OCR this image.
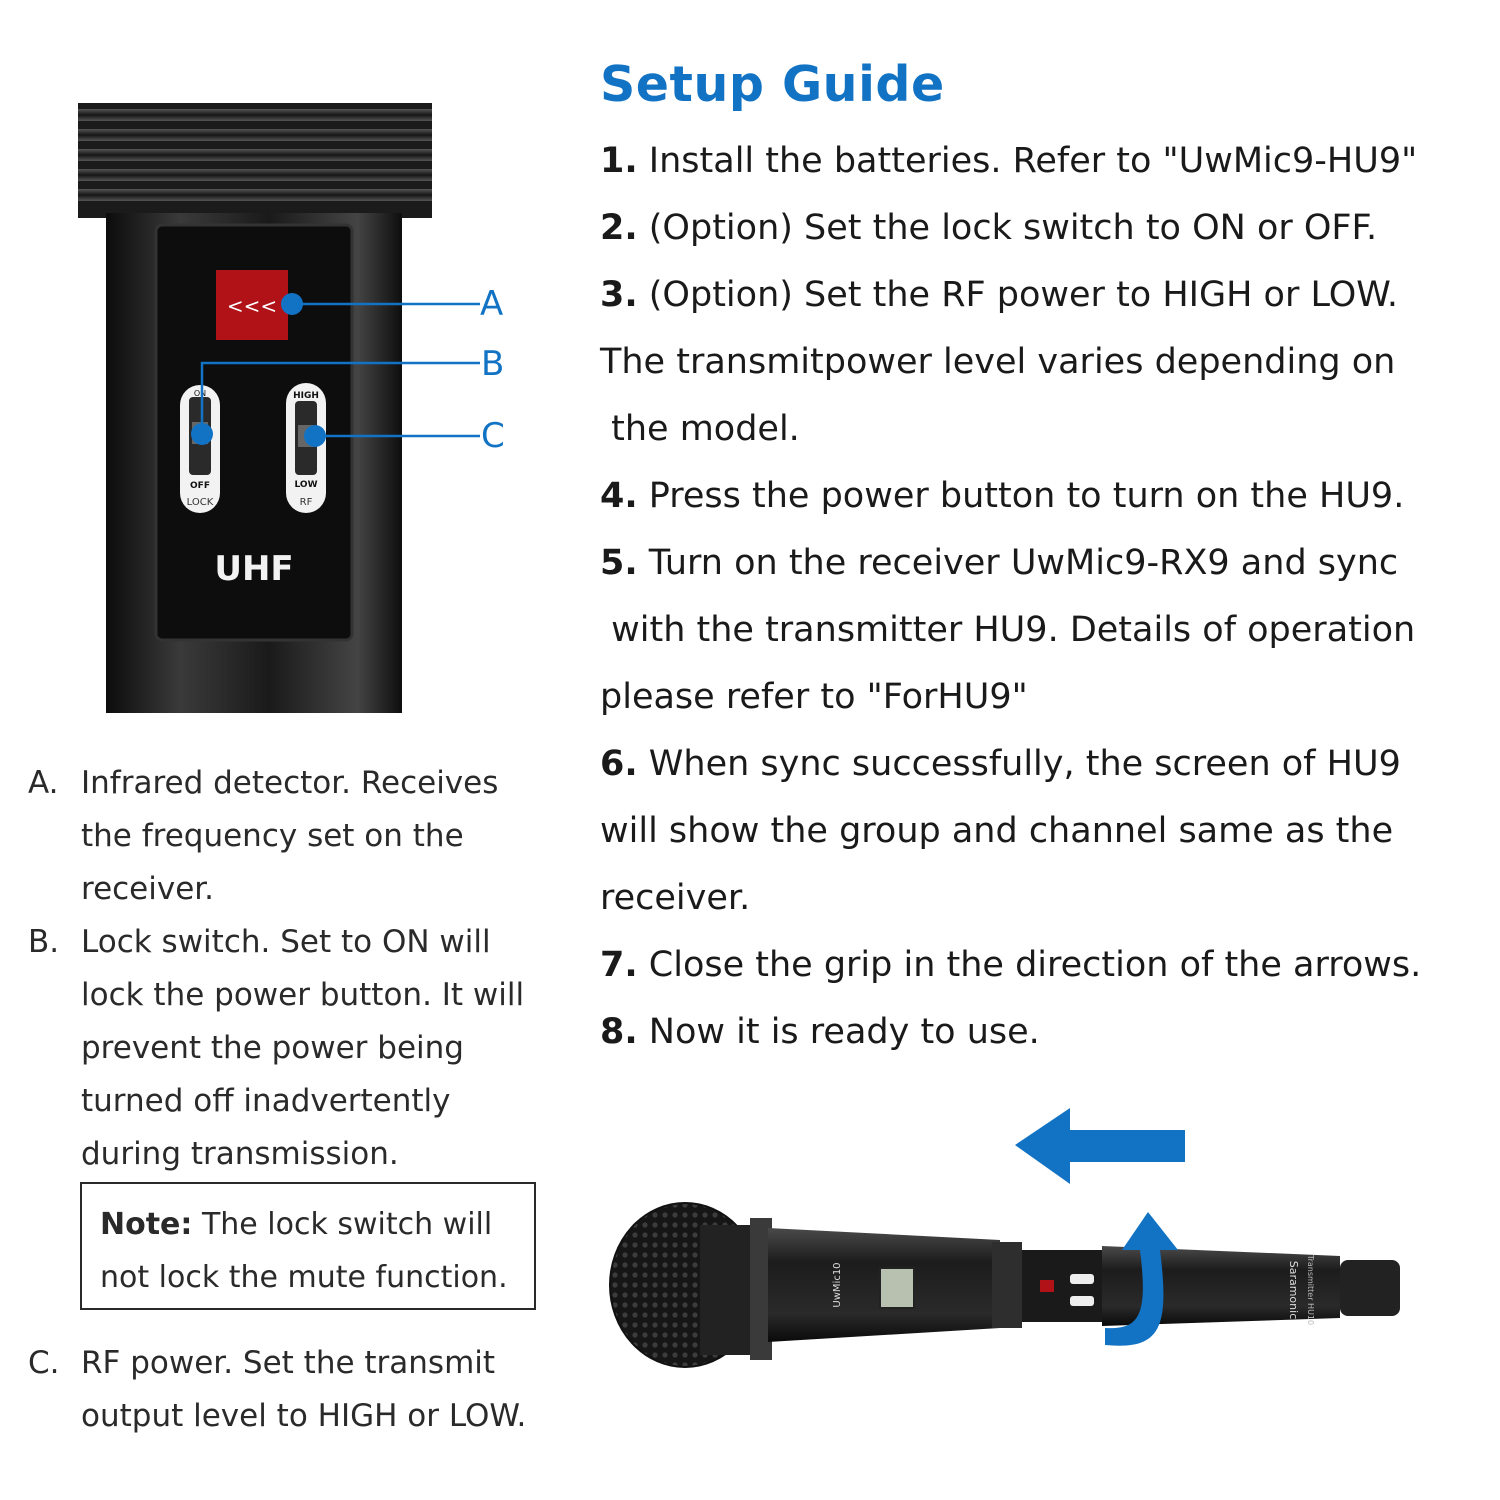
<<<
ON
OFF
LOCK
HIGH
LOW
RF
UHF
A
B
C
A. Infrared detector. Receives
the frequency set on the
receiver.
B. Lock switch. Set to ON will
lock the power button. It will
prevent the power being
turned off inadvertently
during transmission.
Note: The lock switch will
not lock the mute function.
C. RF power. Set the transmit
output level to HIGH or LOW.
Setup Guide
1. Install the batteries. Refer to "UwMic9-HU9"
2. (Option) Set the lock switch to ON or OFF.
3. (Option) Set the RF power to HIGH or LOW.
The transmitpower level varies depending on
the model.
4. Press the power button to turn on the HU9.
5. Turn on the receiver UwMic9-RX9 and sync
with the transmitter HU9. Details of operation
please refer to "ForHU9"
6. When sync successfully, the screen of HU9
will show the group and channel same as the
receiver.
7. Close the grip in the direction of the arrows.
8. Now it is ready to use.
UwMic10	Saramonic Transmitter HU10
